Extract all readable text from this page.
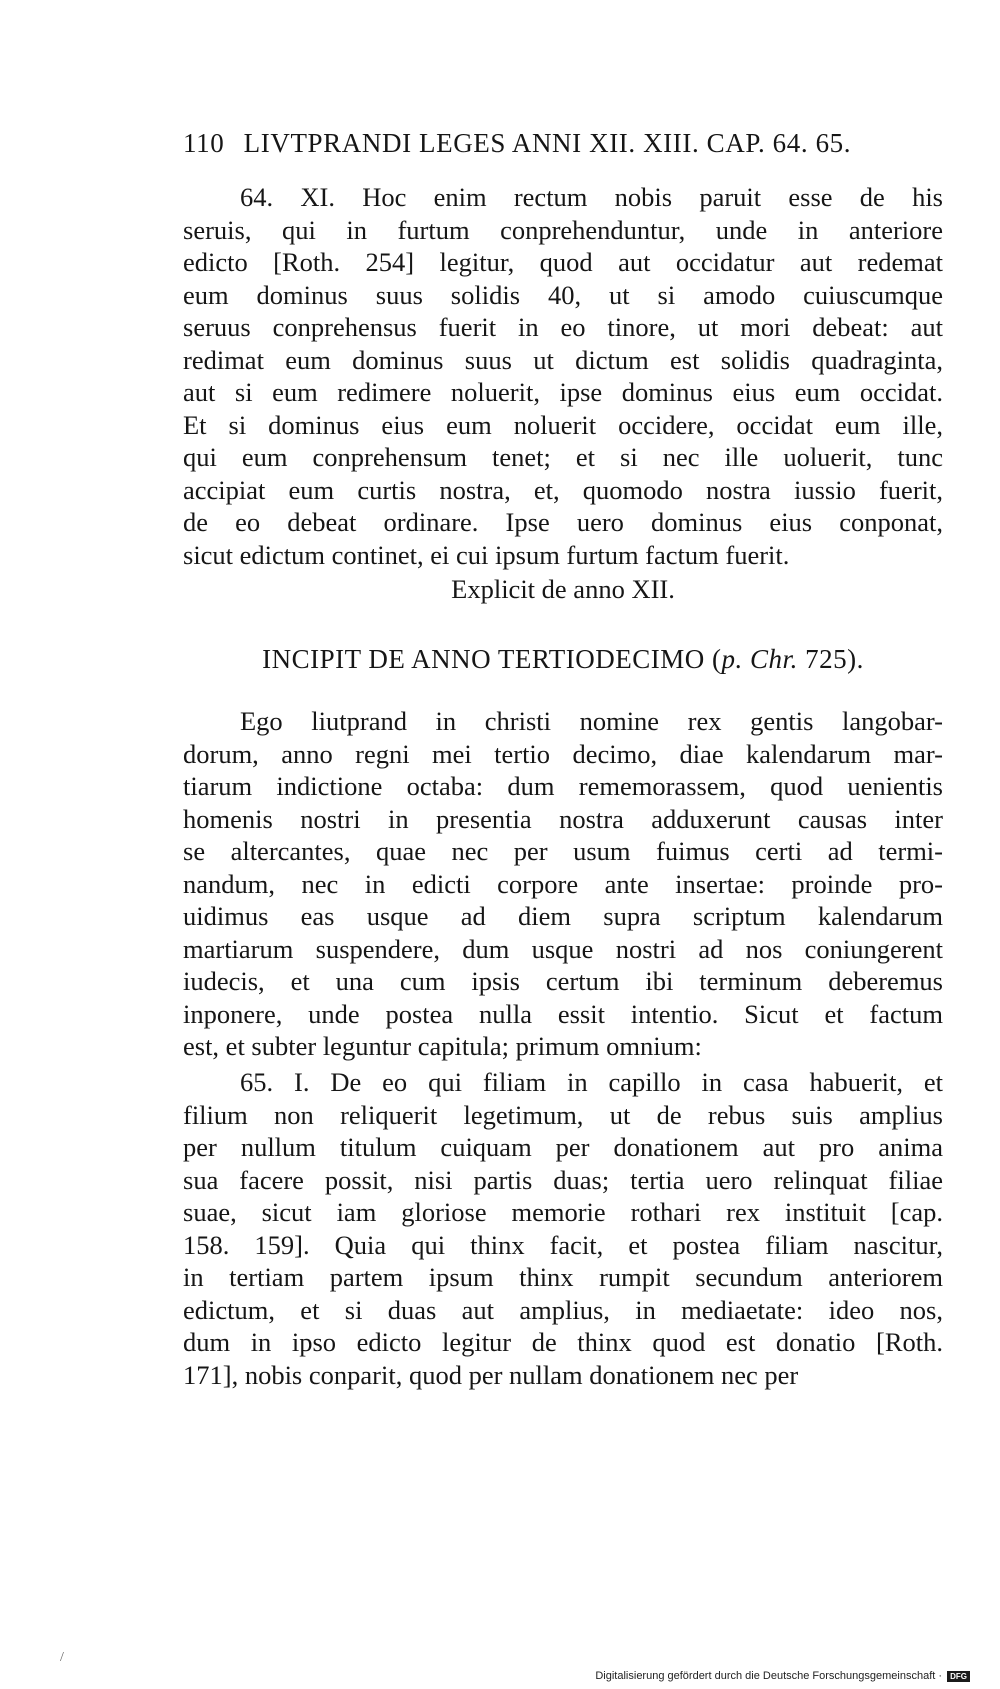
110 LIVTPRANDI LEGES ANNI XII. XIII. CAP. 64. 65.
64. XI. Hoc enim rectum nobis paruit esse de his
seruis, qui in furtum conprehenduntur, unde in anteriore
edicto [Roth. 254] legitur, quod aut occidatur aut redemat
eum dominus suus solidis 40, ut si amodo cuiuscumque
seruus conprehensus fuerit in eo tinore, ut mori debeat: aut
redimat eum dominus suus ut dictum est solidis quadraginta,
aut si eum redimere noluerit, ipse dominus eius eum occidat.
Et si dominus eius eum noluerit occidere, occidat eum ille,
qui eum conprehensum tenet; et si nec ille uoluerit, tunc
accipiat eum curtis nostra, et, quomodo nostra iussio fuerit,
de eo debeat ordinare. Ipse uero dominus eius conponat,
sicut edictum continet, ei cui ipsum furtum factum fuerit.
Explicit de anno XII.
INCIPIT DE ANNO TERTIODECIMO (p. Chr. 725).
Ego liutprand in christi nomine rex gentis langobar-
dorum, anno regni mei tertio decimo, diae kalendarum mar-
tiarum indictione octaba: dum rememorassem, quod uenientis
homenis nostri in presentia nostra adduxerunt causas inter
se altercantes, quae nec per usum fuimus certi ad termi-
nandum, nec in edicti corpore ante insertae: proinde pro-
uidimus eas usque ad diem supra scriptum kalendarum
martiarum suspendere, dum usque nostri ad nos coniungerent
iudecis, et una cum ipsis certum ibi terminum deberemus
inponere, unde postea nulla essit intentio. Sicut et factum
est, et subter leguntur capitula; primum omnium:
65. I. De eo qui filiam in capillo in casa habuerit, et
filium non reliquerit legetimum, ut de rebus suis amplius
per nullum titulum cuiquam per donationem aut pro anima
sua facere possit, nisi partis duas; tertia uero relinquat filiae
suae, sicut iam gloriose memorie rothari rex instituit [cap.
158. 159]. Quia qui thinx facit, et postea filiam nascitur,
in tertiam partem ipsum thinx rumpit secundum anteriorem
edictum, et si duas aut amplius, in mediaetate: ideo nos,
dum in ipso edicto legitur de thinx quod est donatio [Roth.
171], nobis conparit, quod per nullam donationem nec per
/
Digitalisierung gefördert durch die Deutsche Forschungsgemeinschaft · DFG
